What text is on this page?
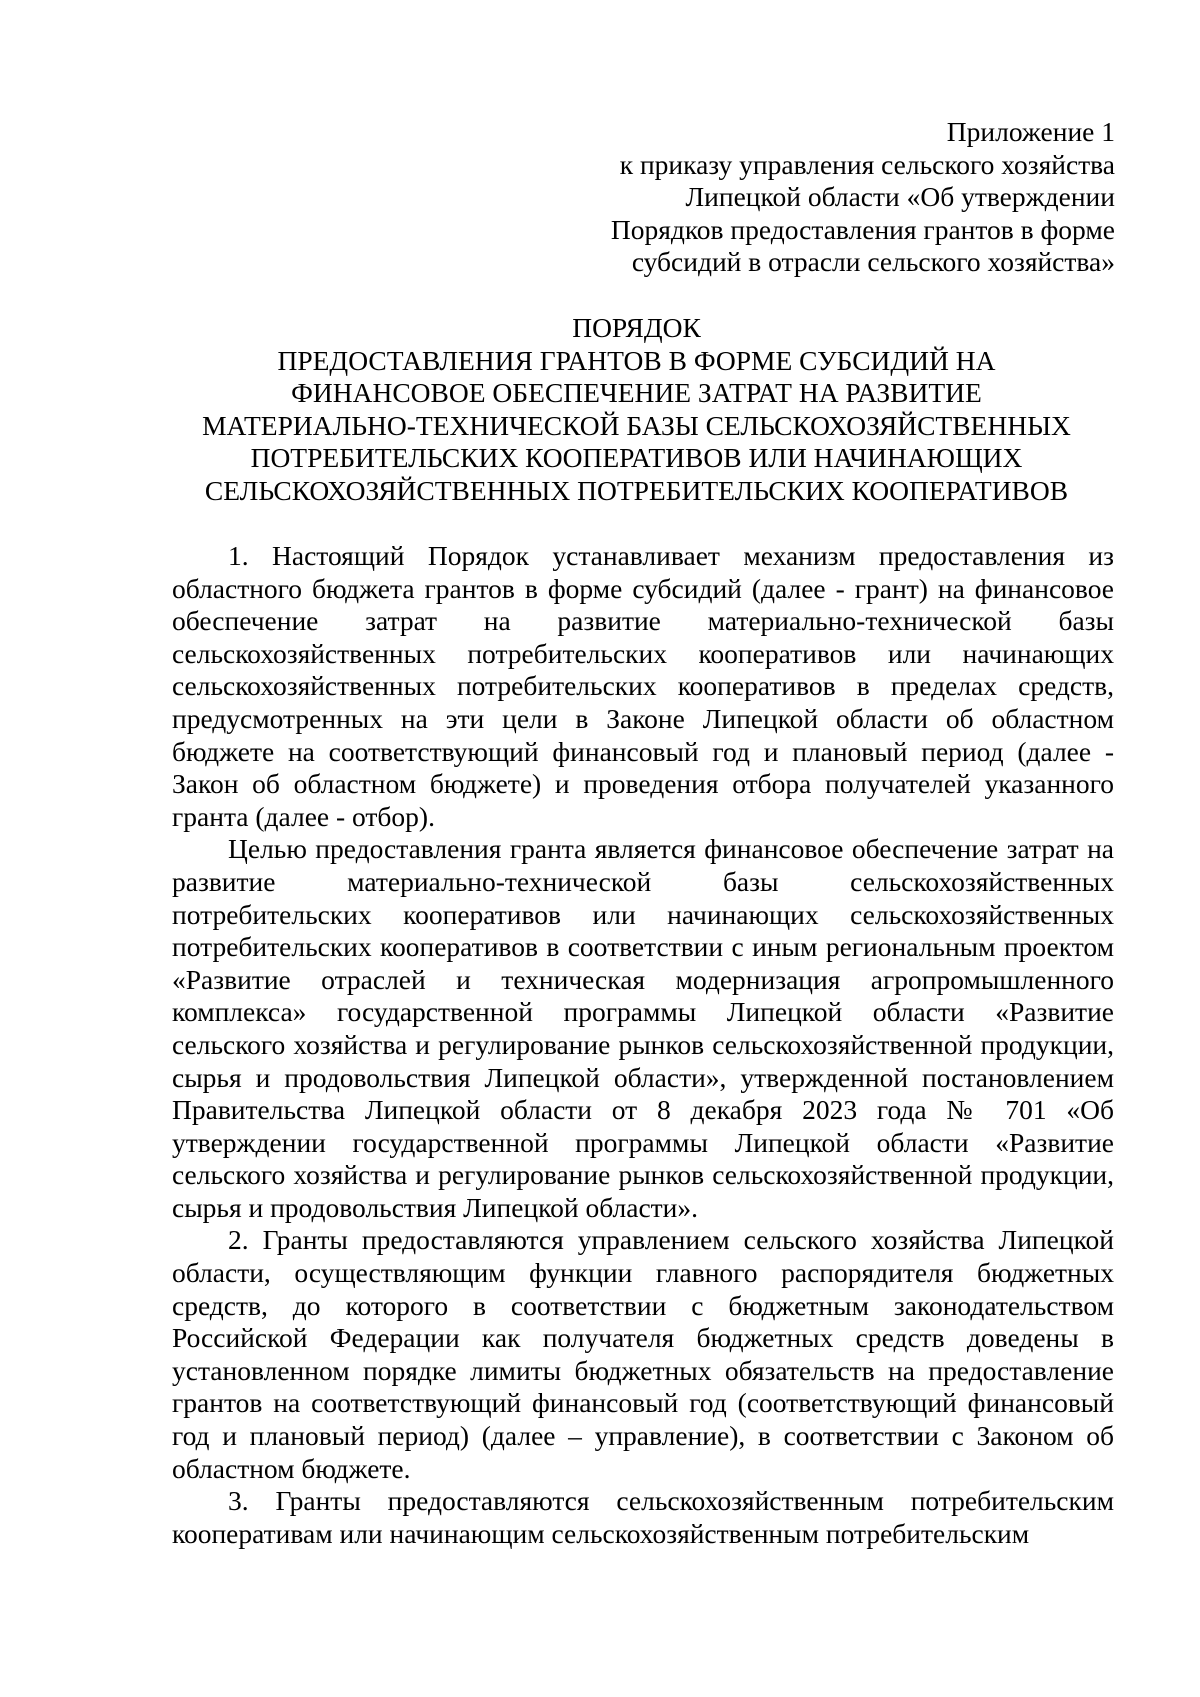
Приложение 1
к приказу управления сельского хозяйства
Липецкой области «Об утверждении
Порядков предоставления грантов в форме
субсидий в отрасли сельского хозяйства»
ПОРЯДОК
ПРЕДОСТАВЛЕНИЯ ГРАНТОВ В ФОРМЕ СУБСИДИЙ НА
ФИНАНСОВОЕ ОБЕСПЕЧЕНИЕ ЗАТРАТ НА РАЗВИТИЕ
МАТЕРИАЛЬНО-ТЕХНИЧЕСКОЙ БАЗЫ СЕЛЬСКОХОЗЯЙСТВЕННЫХ
ПОТРЕБИТЕЛЬСКИХ КООПЕРАТИВОВ ИЛИ НАЧИНАЮЩИХ
СЕЛЬСКОХОЗЯЙСТВЕННЫХ ПОТРЕБИТЕЛЬСКИХ КООПЕРАТИВОВ

1. Настоящий Порядок устанавливает механизм предоставления из областного бюджета грантов в форме субсидий (далее - грант) на финансовое обеспечение затрат на развитие материально-технической базы сельскохозяйственных потребительских кооперативов или начинающих сельскохозяйственных потребительских кооперативов в пределах средств, предусмотренных на эти цели в Законе Липецкой области об областном бюджете на соответствующий финансовый год и плановый период (далее - Закон об областном бюджете) и проведения отбора получателей указанного гранта (далее - отбор).

Целью предоставления гранта является финансовое обеспечение затрат на развитие материально-технической базы сельскохозяйственных потребительских кооперативов или начинающих сельскохозяйственных потребительских кооперативов в соответствии с иным региональным проектом «Развитие отраслей и техническая модернизация агропромышленного комплекса» государственной программы Липецкой области «Развитие сельского хозяйства и регулирование рынков сельскохозяйственной продукции, сырья и продовольствия Липецкой области», утвержденной постановлением Правительства Липецкой области от 8 декабря 2023 года № 701 «Об утверждении государственной программы Липецкой области «Развитие сельского хозяйства и регулирование рынков сельскохозяйственной продукции, сырья и продовольствия Липецкой области».

2. Гранты предоставляются управлением сельского хозяйства Липецкой области, осуществляющим функции главного распорядителя бюджетных средств, до которого в соответствии с бюджетным законодательством Российской Федерации как получателя бюджетных средств доведены в установленном порядке лимиты бюджетных обязательств на предоставление грантов на соответствующий финансовый год (соответствующий финансовый год и плановый период) (далее – управление), в соответствии с Законом об областном бюджете.

3. Гранты предоставляются сельскохозяйственным потребительским кооперативам или начинающим сельскохозяйственным потребительским
